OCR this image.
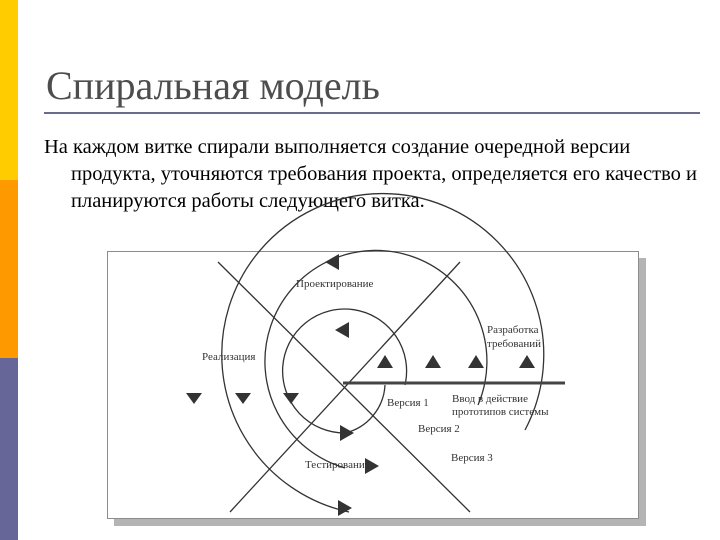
Спиральная модель
На каждом витке спирали выполняется создание очередной версии продукта, уточняются требования проекта, определяется его качество и планируются работы следующего витка.
Проектирование
Разработка
требований
Реализация
Версия 1 Ввод в действие
прототипов системы
Версия 2
Версия 3
Тестирование
